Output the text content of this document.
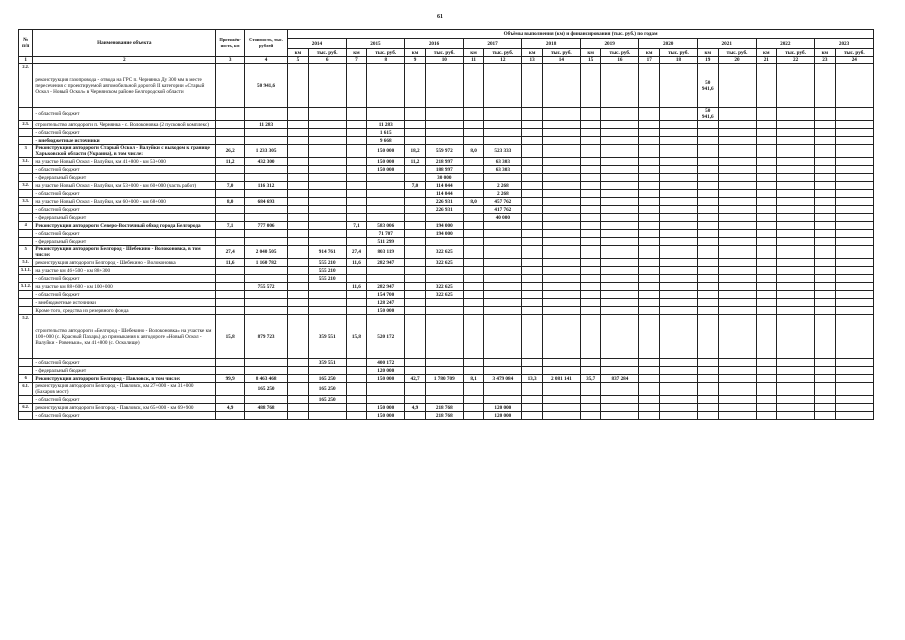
61
№ п/п	Наименование объекта	Протяжён- ность, км	Стоимость, тыс. рублей	Объёмы выполнения (км) и финансирования (тыс. руб.) по годам																			
				2014		2015		2016		2017		2018		2019		2020		2021		2022		2023	
				км	тыс. руб.	км	тыс. руб.	км	тыс. руб.	км	тыс. руб.	км	тыс. руб.	км	тыс. руб.	км	тыс. руб.	км	тыс. руб.	км	тыс. руб.	км	тыс. руб.
1	2	3	4	5	6	7	8	9	10	11	12	13	14	15	16	17	18	19	20	21	22	23	24
2.2.	реконструкция газопровода - отвода на ГРС п. Чернянка Ду 300 мм в месте пересечения с проектируемой автомобильной дорогой II категории «Старый Оскол - Новый Оскол» в Чернянском районе Белгородской области		50 941,6															50 941,6					
	- областной бюджет																	50 941,6					
2.3.	строительство автодороги п. Чернянка - с. Волоконовка (2 пусковой комплекс)		11 283				11 283																
	- областной бюджет						1 615																
	- внебюджетные источники						9 668																
3	Реконструкция автодороги Старый Оскол - Валуйки с выходом к границе Харьковской области (Украина), в том числе:	26,2	1 233 305				150 000	18,2	559 972	8,0	523 333												
3.1.	на участке Новый Оскол - Валуйки, км 41+800 - км 53+000	11,2	432 300				150 000	11,2	218 997		63 303												
	- областной бюджет						150 000		188 997		63 303												
	- федеральный бюджет								30 000														
3.2.	на участке Новый Оскол - Валуйки, км 53+000 - км 60+000 (часть работ)	7,0	116 312					7,0	114 044		2 268												
	- областной бюджет								114 044		2 268												
3.3.	на участке Новый Оскол - Валуйки, км 60+000 - км 68+000	8,0	684 693						226 931	8,0	457 762												
	- областной бюджет								226 931		417 762												
	- федеральный бюджет										40 000												
4	Реконструкция автодороги Северо-Восточный обход города Белгорода	7,1	777 006			7,1	583 006		194 000														
	- областной бюджет						71 707		194 000														
	- федеральный бюджет						511 299																
5	Реконструкция автодороги Белгород - Шебекино - Волоконовка, в том числе:	27,4	2 040 505		914 761	27,4	803 119		322 625														
5.1.	реконструкция автодороги Белгород - Шебекино - Волоконовка	11,6	1 160 782		555 210	11,6	282 947		322 625														
5.1.1.	на участке км 46+500 - км 88+300				555 210																		
	- областной бюджет				555 210																		
5.1.2.	на участке км 88+600 - км 100+000		755 572			11,6	282 947		322 625														
	- областной бюджет						154 700		322 625														
	- внебюджетные источники						128 247																
	Кроме того, средства из резервного фонда						150 000																
5.2.	строительство автодороги «Белгород - Шебекино - Волоконовка» на участке км 100+000 (с. Красный Пахарь) до примыкания к автодороге «Новый Оскол - Валуйки - Ровеньки», км 41+800 (с. Осколище)	15,8	879 723		359 551	15,8	520 172																
	- областной бюджет				359 551		400 172																
	- федеральный бюджет						120 000																
6	Реконструкция автодороги Белгород - Павловск, в том числе:	99,9	8 463 468		165 250		150 000	42,7	1 780 709	8,1	3 479 084	13,3	2 081 141	35,7	837 284								
6.1.	реконструкция автодороги Белгород - Павловск, км 27+000 - км 31+000 (Бахаров мост)		165 250		165 250																		
	- областной бюджет				165 250																		
6.2.	реконструкция автодороги Белгород - Павловск, км 65+000 - км 69+900	4,9	488 768				150 000	4,9	218 768		120 000												
	- областной бюджет						150 000		218 768		120 000												
